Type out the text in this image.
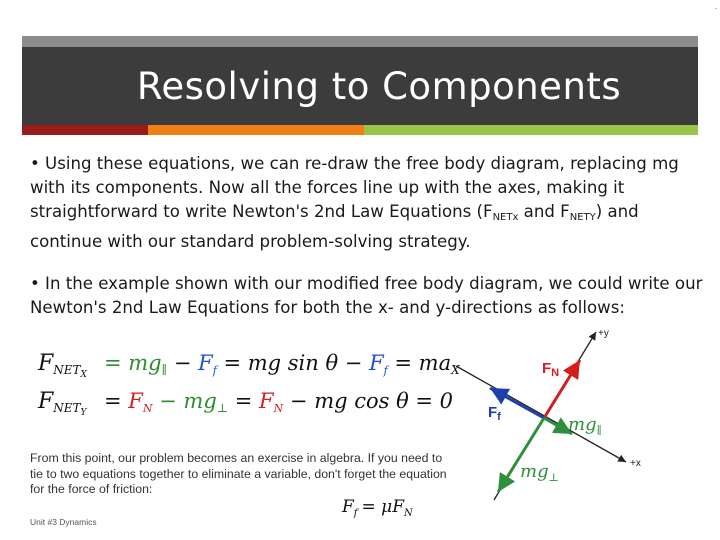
Resolving to Components
.
• Using these equations, we can re-draw the free body diagram, replacing mg with its components. Now all the forces line up with the axes, making it straightforward to write Newton's 2nd Law Equations ($F_{NETx}$ and $F_{NETY}$) and continue with our standard problem-solving strategy.
• In the example shown with our modified free body diagram, we could write our Newton's 2nd Law Equations for both the x- and y-directions as follows:
FNETX = mg∥ − Ff = mg sin θ − Ff = maX
FNETY = FN − mg⊥ = FN − mg cos θ = 0
From this point, our problem becomes an exercise in algebra. If you need to tie to two equations together to eliminate a variable, don't forget the equation for the force of friction:
$F_f = \mu F_N$
Unit #3 Dynamics
+y
+x
$F_N$
$F_f$	$mg_\parallel$
$mg_\perp$
